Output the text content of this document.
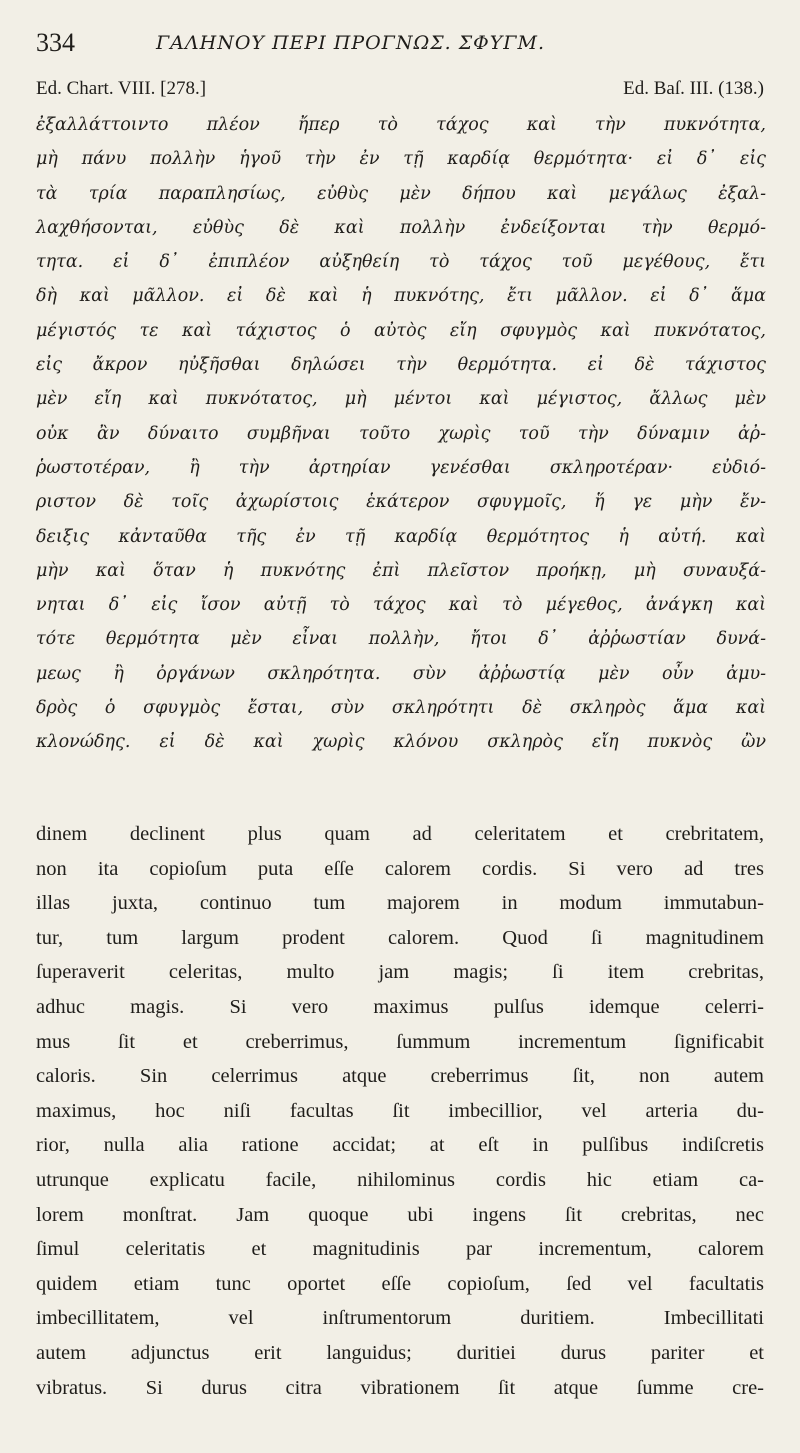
334	ΓΑΛΗΝΟΥ ΠΕΡΙ ΠΡΟΓΝΩΣ. ΣΦΥΓΜ.
Ed. Chart. VIII. [278.]	Ed. Baſ. III. (138.)
ἐξαλλάττοιντο πλέον ἤπερ τὸ τάχος καὶ τὴν πυκνότητα,
μὴ πάνυ πολλὴν ἡγοῦ τὴν ἐν τῇ καρδίᾳ θερμότητα· εἰ δ᾽ εἰς
τὰ τρία παραπλησίως, εὐθὺς μὲν δήπου καὶ μεγάλως ἐξαλ-
λαχθήσονται, εὐθὺς δὲ καὶ πολλὴν ἐνδείξονται τὴν θερμό-
τητα. εἰ δ᾽ ἐπιπλέον αὐξηθείη τὸ τάχος τοῦ μεγέθους, ἔτι
δὴ καὶ μᾶλλον. εἰ δὲ καὶ ἡ πυκνότης, ἔτι μᾶλλον. εἰ δ᾽ ἅμα
μέγιστός τε καὶ τάχιστος ὁ αὐτὸς εἴη σφυγμὸς καὶ πυκνότατος,
εἰς ἄκρον ηὐξῆσθαι δηλώσει τὴν θερμότητα. εἰ δὲ τάχιστος
μὲν εἴη καὶ πυκνότατος, μὴ μέντοι καὶ μέγιστος, ἄλλως μὲν
οὐκ ἂν δύναιτο συμβῆναι τοῦτο χωρὶς τοῦ τὴν δύναμιν ἀῤ-
ῥωστοτέραν, ἢ τὴν ἀρτηρίαν γενέσθαι σκληροτέραν· εὐδιό-
ριστον δὲ τοῖς ἀχωρίστοις ἑκάτερον σφυγμοῖς, ἥ γε μὴν ἔν-
δειξις κἀνταῦθα τῆς ἐν τῇ καρδίᾳ θερμότητος ἡ αὐτή. καὶ
μὴν καὶ ὅταν ἡ πυκνότης ἐπὶ πλεῖστον προήκῃ, μὴ συναυξά-
νηται δ᾽ εἰς ἴσον αὐτῇ τὸ τάχος καὶ τὸ μέγεθος, ἀνάγκη καὶ
τότε θερμότητα μὲν εἶναι πολλὴν, ἤτοι δ᾽ ἀῤῥωστίαν δυνά-
μεως ἢ ὀργάνων σκληρότητα. σὺν ἀῤῥωστίᾳ μὲν οὖν ἀμυ-
δρὸς ὁ σφυγμὸς ἔσται, σὺν σκληρότητι δὲ σκληρὸς ἅμα καὶ
κλονώδης. εἰ δὲ καὶ χωρὶς κλόνου σκληρὸς εἴη πυκνὸς ὢν
dinem declinent plus quam ad celeritatem et crebritatem,
non ita copioſum puta eſſe calorem cordis. Si vero ad tres
illas juxta, continuo tum majorem in modum immutabun-
tur, tum largum prodent calorem. Quod ſi magnitudinem
ſuperaverit celeritas, multo jam magis; ſi item crebritas,
adhuc magis. Si vero maximus pulſus idemque celerri-
mus ſit et creberrimus, ſummum incrementum ſignificabit
caloris. Sin celerrimus atque creberrimus ſit, non autem
maximus, hoc niſi facultas ſit imbecillior, vel arteria du-
rior, nulla alia ratione accidat; at eſt in pulſibus indiſcretis
utrunque explicatu facile, nihilominus cordis hic etiam ca-
lorem monſtrat. Jam quoque ubi ingens ſit crebritas, nec
ſimul celeritatis et magnitudinis par incrementum, calorem
quidem etiam tunc oportet eſſe copioſum, ſed vel facultatis
imbecillitatem, vel inſtrumentorum duritiem. Imbecillitati
autem adjunctus erit languidus; duritiei durus pariter et
vibratus. Si durus citra vibrationem ſit atque ſumme cre-
